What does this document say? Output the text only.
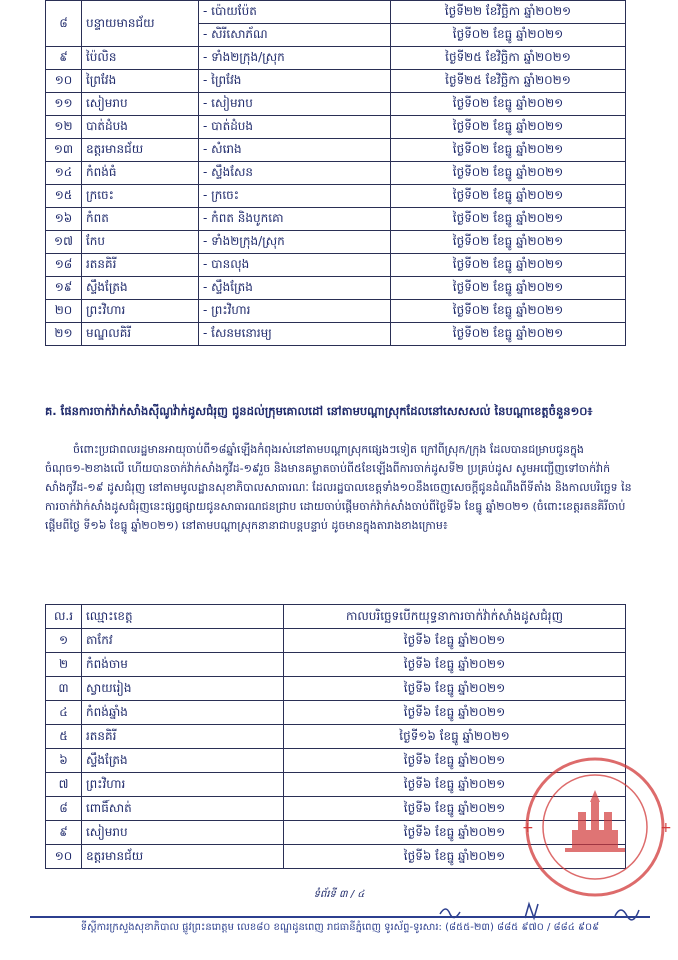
៨	បន្ទាយមានជ័យ	- ប៉ោយប៉ែត	ថ្ងៃទី២២ ខែវិច្ឆិកា ឆ្នាំ២០២១
		- សិរីសោភ័ណ	ថ្ងៃទី០២ ខែធ្នូ ឆ្នាំ២០២១
៩	ប៉ៃលិន	- ទាំង២ក្រុង/ស្រុក	ថ្ងៃទី២៥ ខែវិច្ឆិកា ឆ្នាំ២០២១
១០	ព្រៃវែង	- ព្រៃវែង	ថ្ងៃទី២៥ ខែវិច្ឆិកា ឆ្នាំ២០២១
១១	សៀមរាប	- សៀមរាប	ថ្ងៃទី០២ ខែធ្នូ ឆ្នាំ២០២១
១២	បាត់ដំបង	- បាត់ដំបង	ថ្ងៃទី០២ ខែធ្នូ ឆ្នាំ២០២១
១៣	ឧត្តរមានជ័យ	- សំរោង	ថ្ងៃទី០២ ខែធ្នូ ឆ្នាំ២០២១
១៤	កំពង់ធំ	- ស្ទឹងសែន	ថ្ងៃទី០២ ខែធ្នូ ឆ្នាំ២០២១
១៥	ក្រចេះ	- ក្រចេះ	ថ្ងៃទី០២ ខែធ្នូ ឆ្នាំ២០២១
១៦	កំពត	- កំពត និងបូកគោ	ថ្ងៃទី០២ ខែធ្នូ ឆ្នាំ២០២១
១៧	កែប	- ទាំង២ក្រុង/ស្រុក	ថ្ងៃទី០២ ខែធ្នូ ឆ្នាំ២០២១
១៨	រតនគិរី	- បានលុង	ថ្ងៃទី០២ ខែធ្នូ ឆ្នាំ២០២១
១៩	ស្ទឹងត្រែង	- ស្ទឹងត្រែង	ថ្ងៃទី០២ ខែធ្នូ ឆ្នាំ២០២១
២០	ព្រះវិហារ	- ព្រះវិហារ	ថ្ងៃទី០២ ខែធ្នូ ឆ្នាំ២០២១
២១	មណ្ឌលគិរី	- សែនមនោរម្យ	ថ្ងៃទី០២ ខែធ្នូ ឆ្នាំ២០២១
គ. ផែនការចាក់វ៉ាក់សាំងស៊ីណូវ៉ាក់ដូសជំរុញ ជូនដល់ក្រុមគោលដៅ នៅតាមបណ្តាស្រុកដែលនៅសេសសល់ នៃបណ្តាខេត្តចំនួន១០៖
ចំពោះប្រជាពលរដ្ឋមានអាយុចាប់ពី១៨ឆ្នាំឡើងកំពុងរស់នៅតាមបណ្តាស្រុកផ្សេងៗទៀត ក្រៅពីស្រុក/ក្រុង ដែលបានជម្រាបជូនក្នុងចំណុច១-២ខាងលើ ហើយបានចាក់វ៉ាក់សាំងកូវីដ-១៩រួច និងមានគម្លាតចាប់ពី៥ខែឡើងពីការចាក់ដូសទី២ ប្រគ្រប់ដូស សូមអញ្ជើញទៅចាក់វ៉ាក់សាំងកូវីដ-១៩ ដូសជំរុញ នៅតាមមូលដ្ឋានសុខាភិបាលសាធារណៈ ដែលរដ្ឋបាលខេត្តទាំង១០នឹងចេញសេចក្តីជូនដំណឹងពីទីតាំង និងកាលបរិច្ឆេទ នៃការចាក់វ៉ាក់សាំងដូសជំរុញនេះផ្សព្វផ្សាយជូនសាធារណជនជ្រាប ដោយចាប់ផ្តើមចាក់វ៉ាក់សាំងចាប់ពីថ្ងៃទី៦ ខែធ្នូ ឆ្នាំ២០២១ (ចំពោះខេត្តរតនគិរីចាប់ផ្តើមពីថ្ងៃ ទី១៦ ខែធ្នូ ឆ្នាំ២០២១) នៅតាមបណ្តាស្រុកនានាជាបន្តបន្ទាប់ ដូចមានក្នុងតារាងខាងក្រោម៖
ល.រ	ឈ្មោះខេត្ត	កាលបរិច្ឆេទបើកយុទ្ធនាការចាក់វ៉ាក់សាំងដូសជំរុញ
១	តាកែវ	ថ្ងៃទី៦ ខែធ្នូ ឆ្នាំ២០២១
២	កំពង់ចាម	ថ្ងៃទី៦ ខែធ្នូ ឆ្នាំ២០២១
៣	ស្វាយរៀង	ថ្ងៃទី៦ ខែធ្នូ ឆ្នាំ២០២១
៤	កំពង់ឆ្នាំង	ថ្ងៃទី៦ ខែធ្នូ ឆ្នាំ២០២១
៥	រតនគិរី	ថ្ងៃទី១៦ ខែធ្នូ ឆ្នាំ២០២១
៦	ស្ទឹងត្រែង	ថ្ងៃទី៦ ខែធ្នូ ឆ្នាំ២០២១
៧	ព្រះវិហារ	ថ្ងៃទី៦ ខែធ្នូ ឆ្នាំ២០២១
៨	ពោធិ៍សាត់	ថ្ងៃទី៦ ខែធ្នូ ឆ្នាំ២០២១
៩	សៀមរាប	ថ្ងៃទី៦ ខែធ្នូ ឆ្នាំ២០២១
១០	ឧត្តរមានជ័យ	ថ្ងៃទី៦ ខែធ្នូ ឆ្នាំ២០២១
+
+
ទំព័រទី ៣ / ៤
ទីស្តីការក្រសួងសុខាភិបាល ផ្លូវព្រះនរោត្តម លេខ៨០ ខណ្ឌដូនពេញ រាជធានីភ្នំពេញ ទូរស័ព្ទ-ទូរសារ: (៨៥៥-២៣) ៨៨៥ ៩៧០ / ៨៨៤ ៩០៩
